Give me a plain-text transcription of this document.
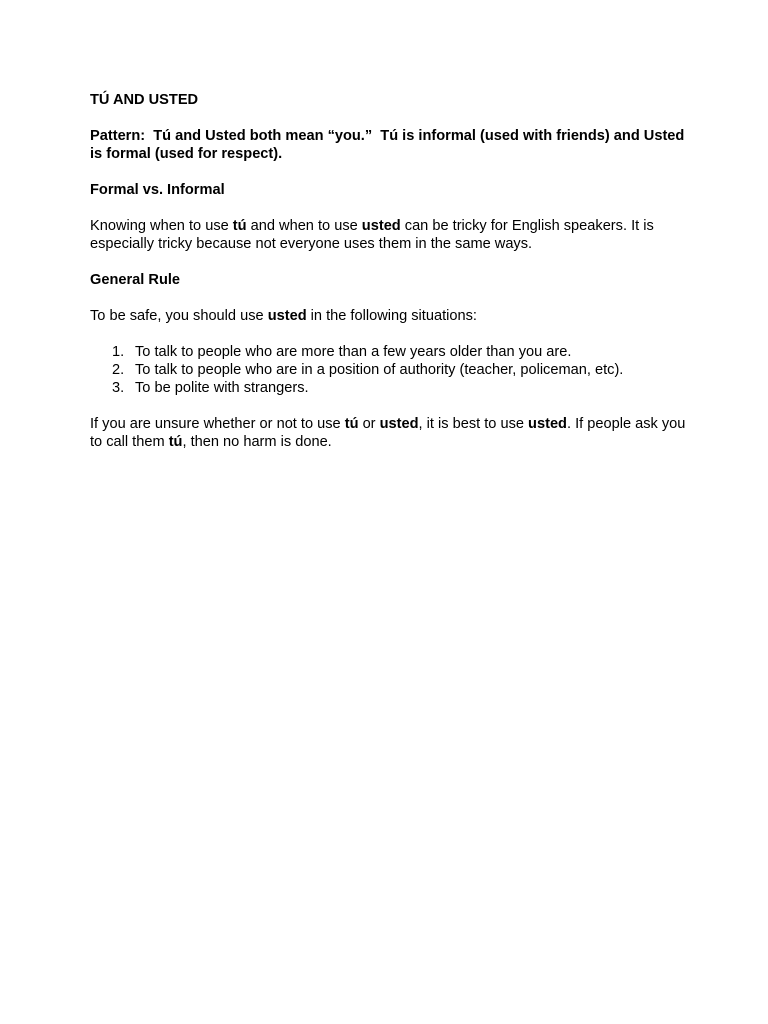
TÚ AND USTED

Pattern: Tú and Usted both mean “you.” Tú is informal (used with friends) and Usted is formal (used for respect).

Formal vs. Informal

Knowing when to use tú and when to use usted can be tricky for English speakers. It is especially tricky because not everyone uses them in the same ways.

General Rule

To be safe, you should use usted in the following situations:

1. To talk to people who are more than a few years older than you are.
2. To talk to people who are in a position of authority (teacher, policeman, etc).
3. To be polite with strangers.

If you are unsure whether or not to use tú or usted, it is best to use usted. If people ask you to call them tú, then no harm is done.
